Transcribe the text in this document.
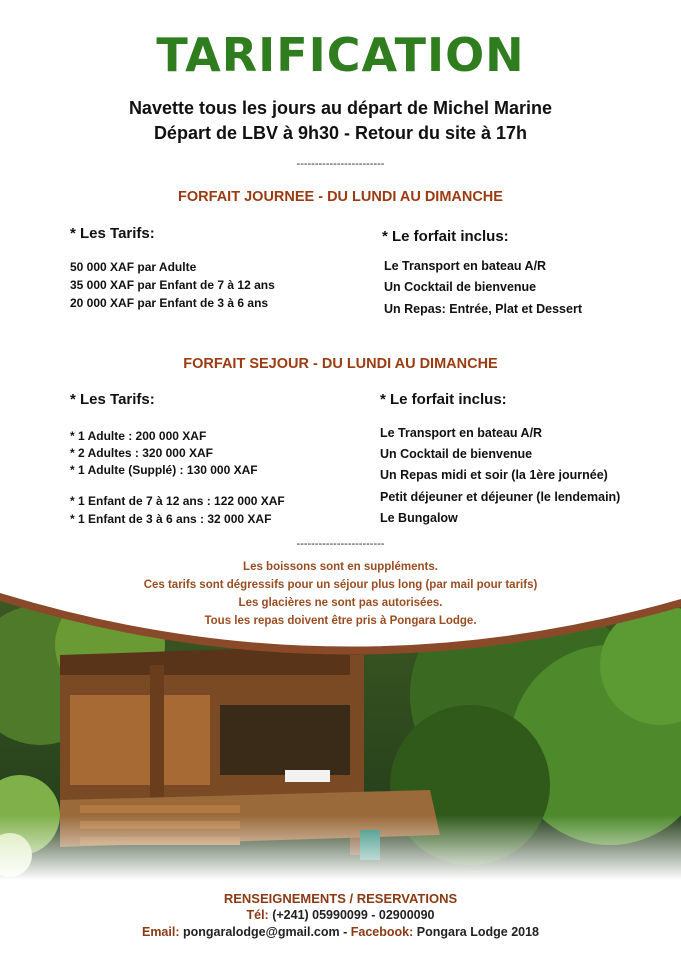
TARIFICATION
Navette tous les jours au départ de Michel Marine
Départ de LBV à 9h30 - Retour du site à 17h
------------------------
FORFAIT JOURNEE - DU LUNDI AU DIMANCHE
* Les Tarifs:	* Le forfait inclus:
50 000 XAF par Adulte
35 000 XAF par Enfant de 7 à 12 ans
20 000 XAF par Enfant de 3 à 6 ans
Le Transport en bateau A/R
Un Cocktail de bienvenue
Un Repas: Entrée, Plat et Dessert
FORFAIT SEJOUR - DU LUNDI AU DIMANCHE
* Les Tarifs:	* Le forfait inclus:
* 1 Adulte : 200 000 XAF
* 2 Adultes : 320 000 XAF
* 1 Adulte (Supplé) : 130 000 XAF
* 1 Enfant de 7 à 12 ans : 122 000 XAF
* 1 Enfant de 3 à 6 ans : 32 000 XAF
Le Transport en bateau A/R
Un Cocktail de bienvenue
Un Repas midi et soir (la 1ère journée)
Petit déjeuner et déjeuner (le lendemain)
Le Bungalow
------------------------
Les boissons sont en suppléments.
Ces tarifs sont dégressifs pour un séjour plus long (par mail pour tarifs)
Les glacières ne sont pas autorisées.
Tous les repas doivent être pris à Pongara Lodge.
RENSEIGNEMENTS / RESERVATIONS
Tél: (+241) 05990099 - 02900090
Email: pongaralodge@gmail.com - Facebook: Pongara Lodge 2018
